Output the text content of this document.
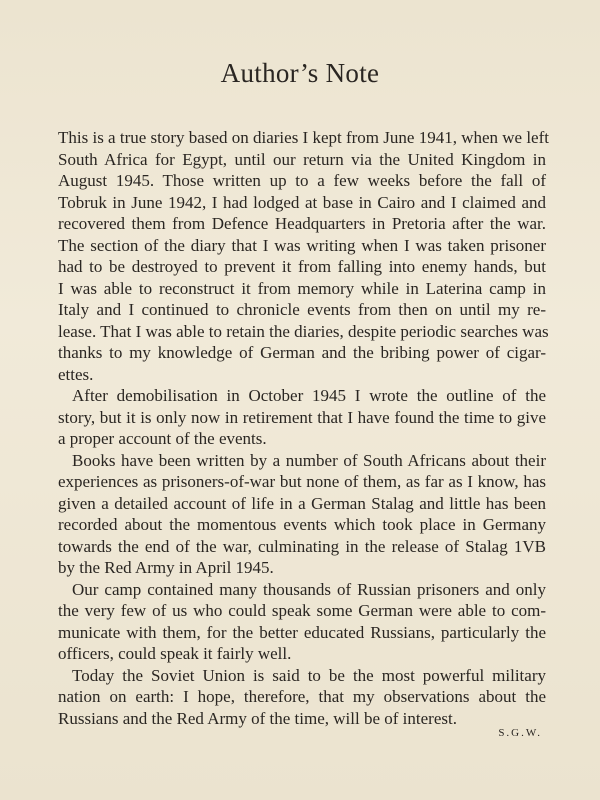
Author’s Note
This is a true story based on diaries I kept from June 1941, when we left
South Africa for Egypt, until our return via the United Kingdom in
August 1945. Those written up to a few weeks before the fall of
Tobruk in June 1942, I had lodged at base in Cairo and I claimed and
recovered them from Defence Headquarters in Pretoria after the war.
The section of the diary that I was writing when I was taken prisoner
had to be destroyed to prevent it from falling into enemy hands, but
I was able to reconstruct it from memory while in Laterina camp in
Italy and I continued to chronicle events from then on until my re-
lease. That I was able to retain the diaries, despite periodic searches was
thanks to my knowledge of German and the bribing power of cigar-
ettes.
After demobilisation in October 1945 I wrote the outline of the
story, but it is only now in retirement that I have found the time to give
a proper account of the events.
Books have been written by a number of South Africans about their
experiences as prisoners-of-war but none of them, as far as I know, has
given a detailed account of life in a German Stalag and little has been
recorded about the momentous events which took place in Germany
towards the end of the war, culminating in the release of Stalag 1VB
by the Red Army in April 1945.
Our camp contained many thousands of Russian prisoners and only
the very few of us who could speak some German were able to com-
municate with them, for the better educated Russians, particularly the
officers, could speak it fairly well.
Today the Soviet Union is said to be the most powerful military
nation on earth: I hope, therefore, that my observations about the
Russians and the Red Army of the time, will be of interest.
S.G.W.
